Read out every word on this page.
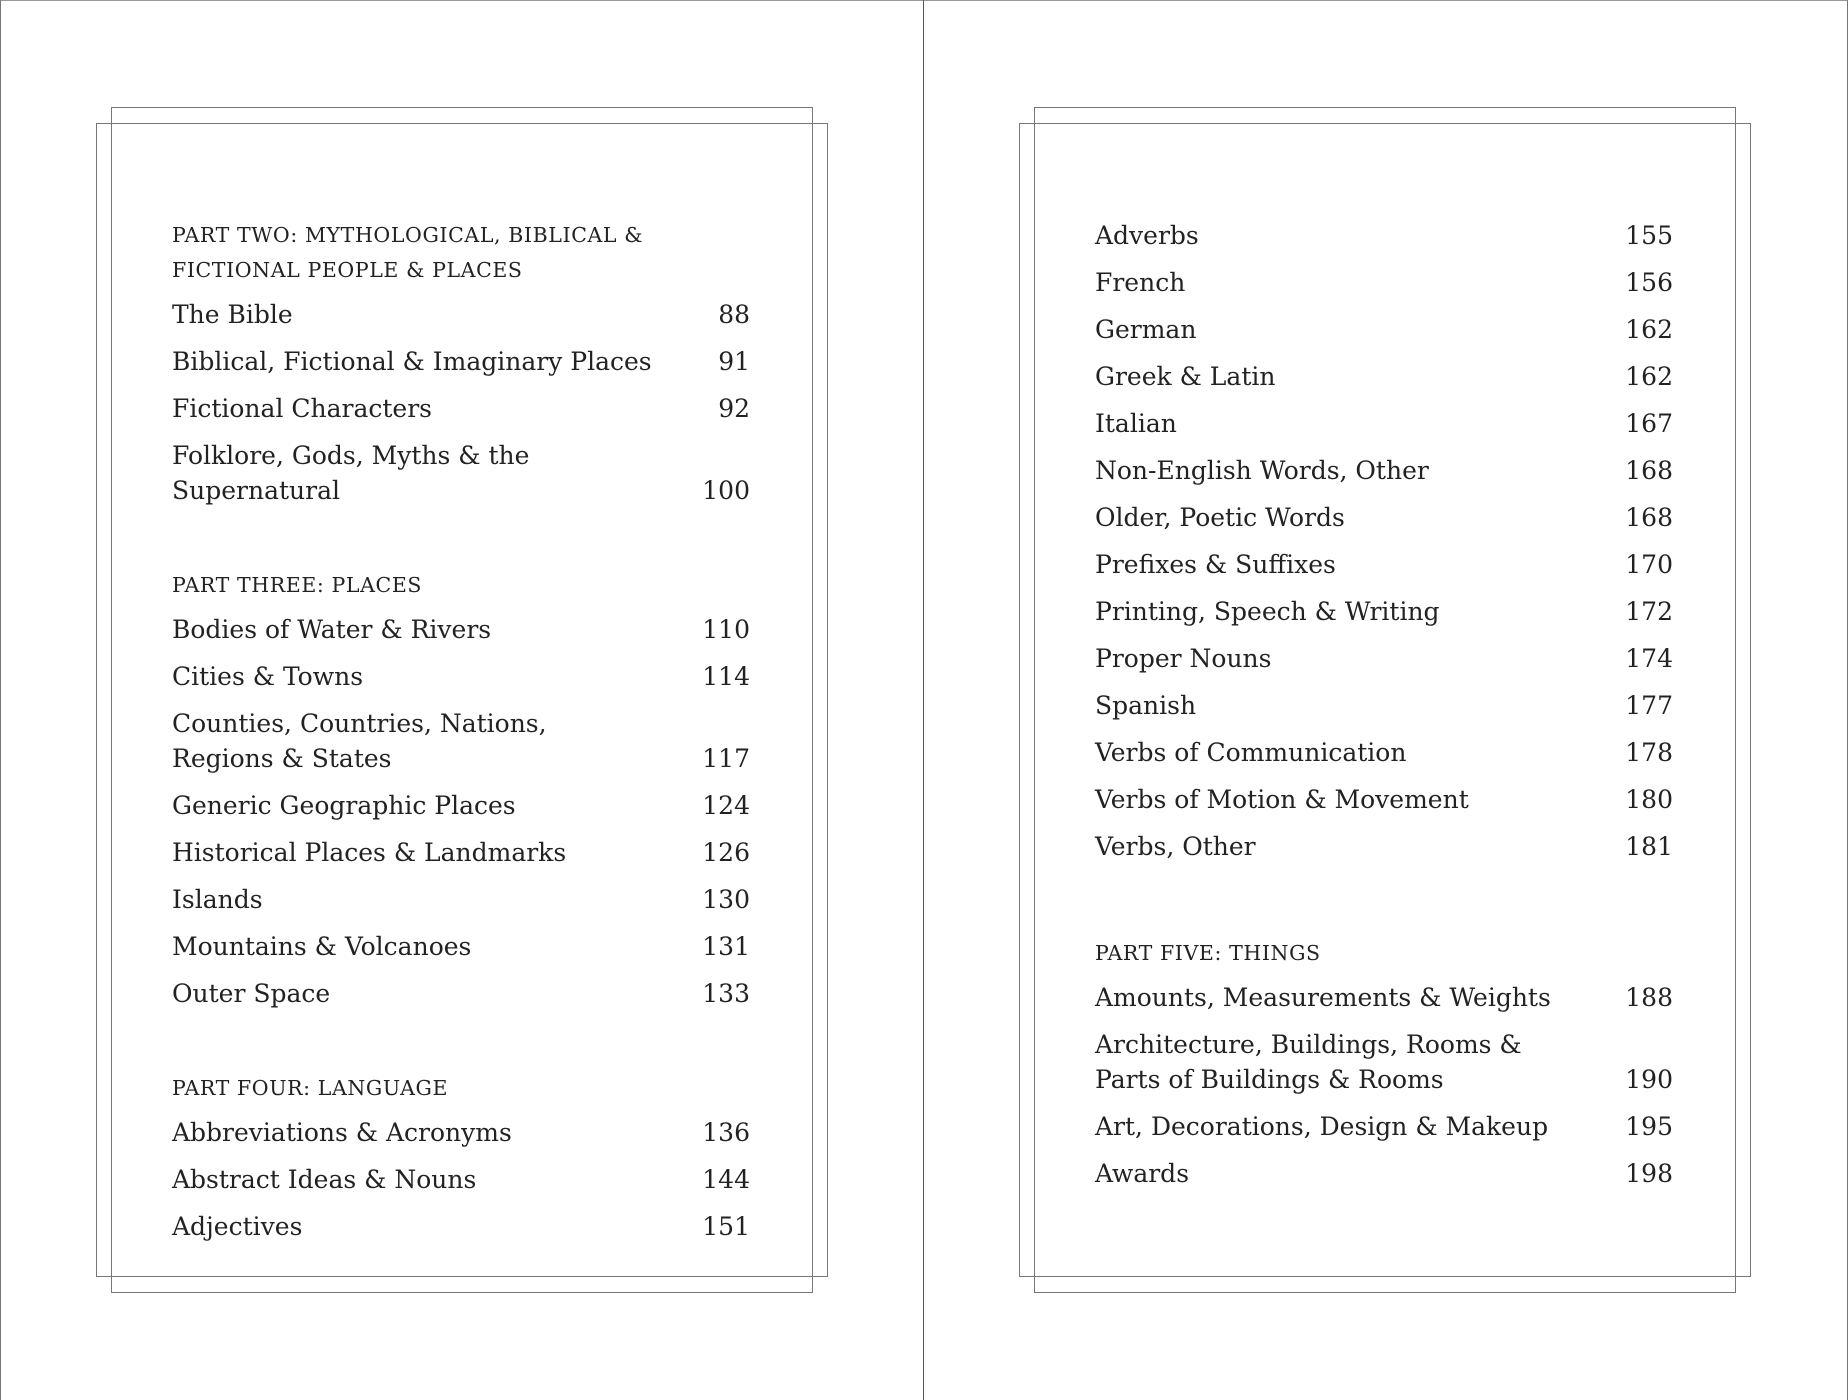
PART TWO: MYTHOLOGICAL, BIBLICAL &
FICTIONAL PEOPLE & PLACES
The Bible	88
Biblical, Fictional & Imaginary Places	91
Fictional Characters	92
Folklore, Gods, Myths & the Supernatural	100
PART THREE: PLACES
Bodies of Water & Rivers	110
Cities & Towns	114
Counties, Countries, Nations,
Regions & States	117
Generic Geographic Places	124
Historical Places & Landmarks	126
Islands	130
Mountains & Volcanoes	131
Outer Space	133
PART FOUR: LANGUAGE
Abbreviations & Acronyms	136
Abstract Ideas & Nouns	144
Adjectives	151
Adverbs	155
French	156
German	162
Greek & Latin	162
Italian	167
Non-English Words, Other	168
Older, Poetic Words	168
Prefixes & Suffixes	170
Printing, Speech & Writing	172
Proper Nouns	174
Spanish	177
Verbs of Communication	178
Verbs of Motion & Movement	180
Verbs, Other	181
PART FIVE: THINGS
Amounts, Measurements & Weights	188
Architecture, Buildings, Rooms &
Parts of Buildings & Rooms	190
Art, Decorations, Design & Makeup	195
Awards	198
